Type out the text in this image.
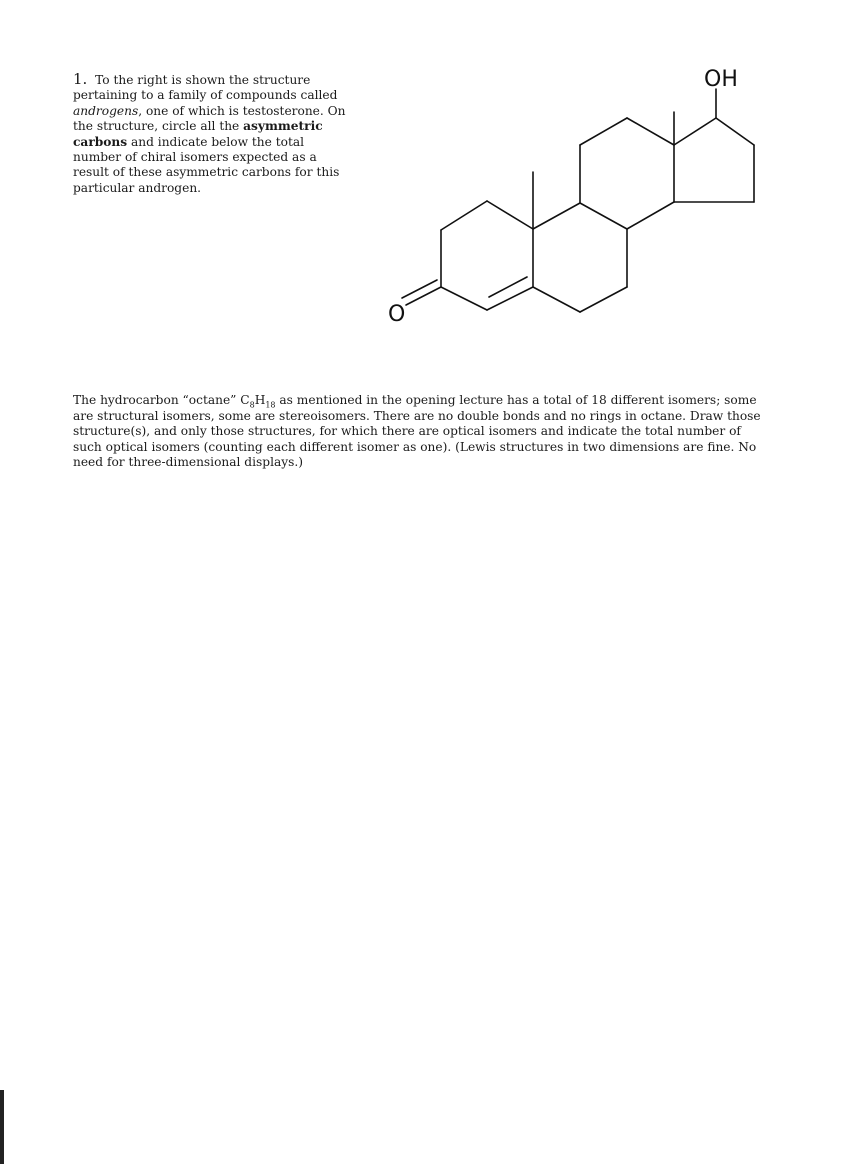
1. To the right is shown the structure pertaining to a family of compounds called androgens, one of which is testosterone. On the structure, circle all the asymmetric carbons and indicate below the total number of chiral isomers expected as a result of these asymmetric carbons for this particular androgen.
OH
O
The hydrocarbon “octane” $C_8H_{18}$ as mentioned in the opening lecture has a total of 18 different isomers; some are structural isomers, some are stereoisomers. There are no double bonds and no rings in octane. Draw those structure(s), and only those structures, for which there are optical isomers and indicate the total number of such optical isomers (counting each different isomer as one). (Lewis structures in two dimensions are fine. No need for three-dimensional displays.)
